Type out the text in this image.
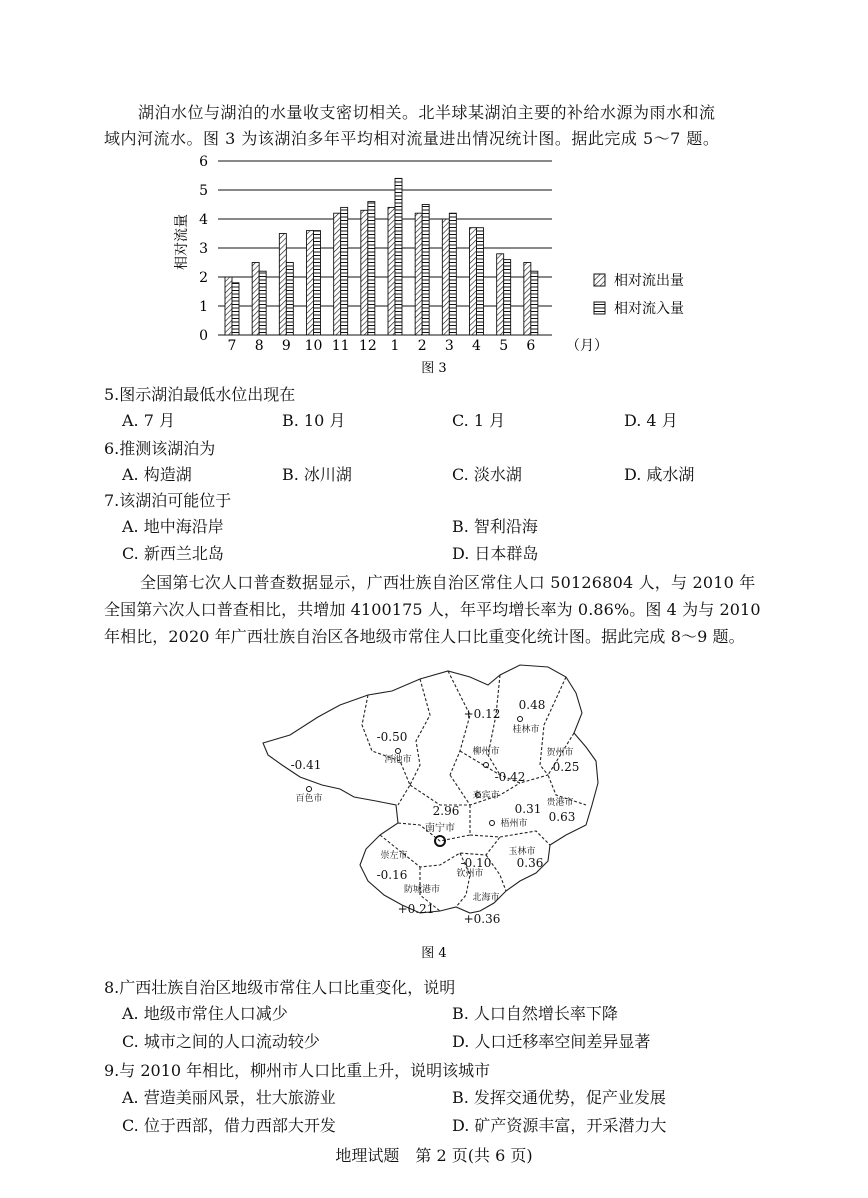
湖泊水位与湖泊的水量收支密切相关。北半球某湖泊主要的补给水源为雨水和流
域内河流水。图 3 为该湖泊多年平均相对流量进出情况统计图。据此完成 5～7 题。
相对流量
0
1
2
3
4
5
6
7 8 9 10 11 12 1 2 3 4 5 6 （月）
相对流出量
相对流入量
图 3
5.图示湖泊最低水位出现在
A. 7 月	B. 10 月	C. 1 月	D. 4 月
6.推测该湖泊为
A. 构造湖	B. 冰川湖	C. 淡水湖	D. 咸水湖
7.该湖泊可能位于
A. 地中海沿岸	B. 智利沿海
C. 新西兰北岛	D. 日本群岛
全国第七次人口普查数据显示，广西壮族自治区常住人口 50126804 人，与 2010 年
全国第六次人口普查相比，共增加 4100175 人，年平均增长率为 0.86%。图 4 为与 2010
年相比，2020 年广西壮族自治区各地级市常住人口比重变化统计图。据此完成 8～9 题。
-0.50
-0.41
+0.12
0.48
0.25
-0.42
0.31
0.63
2.96
-0.16
-0.10 0.36
+0.21
+0.36
河池市
百色市
柳州市
桂林市
贺州市
来宾市
梧州市
贵港市
南宁市
崇左市
钦州市
玉林市
防城港市
北海市
图 4
8.广西壮族自治区地级市常住人口比重变化，说明
A. 地级市常住人口减少	B. 人口自然增长率下降
C. 城市之间的人口流动较少	D. 人口迁移率空间差异显著
9.与 2010 年相比，柳州市人口比重上升，说明该城市
A. 营造美丽风景，壮大旅游业	B. 发挥交通优势，促产业发展
C. 位于西部，借力西部大开发	D. 矿产资源丰富，开采潜力大
地理试题　第 2 页(共 6 页)
